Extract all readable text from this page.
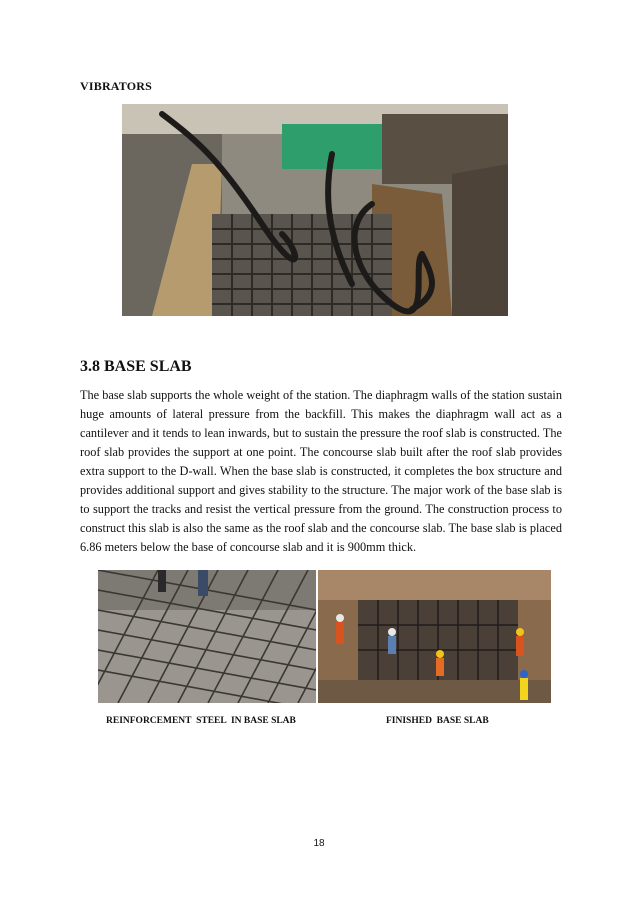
VIBRATORS
3.8 BASE SLAB

The base slab supports the whole weight of the station. The diaphragm walls of the station sustain huge amounts of lateral pressure from the backfill. This makes the diaphragm wall act as a cantilever and it tends to lean inwards, but to sustain the pressure the roof slab is constructed. The roof slab provides the support at one point. The concourse slab built after the roof slab provides extra support to the D-wall. When the base slab is constructed, it completes the box structure and provides additional support and gives stability to the structure. The major work of the base slab is to support the tracks and resist the vertical pressure from the ground. The construction process to construct this slab is also the same as the roof slab and the concourse slab. The base slab is placed 6.86 meters below the base of concourse slab and it is 900mm thick.

REINFORCEMENT  STEEL  IN BASE SLAB	FINISHED  BASE SLAB
18
